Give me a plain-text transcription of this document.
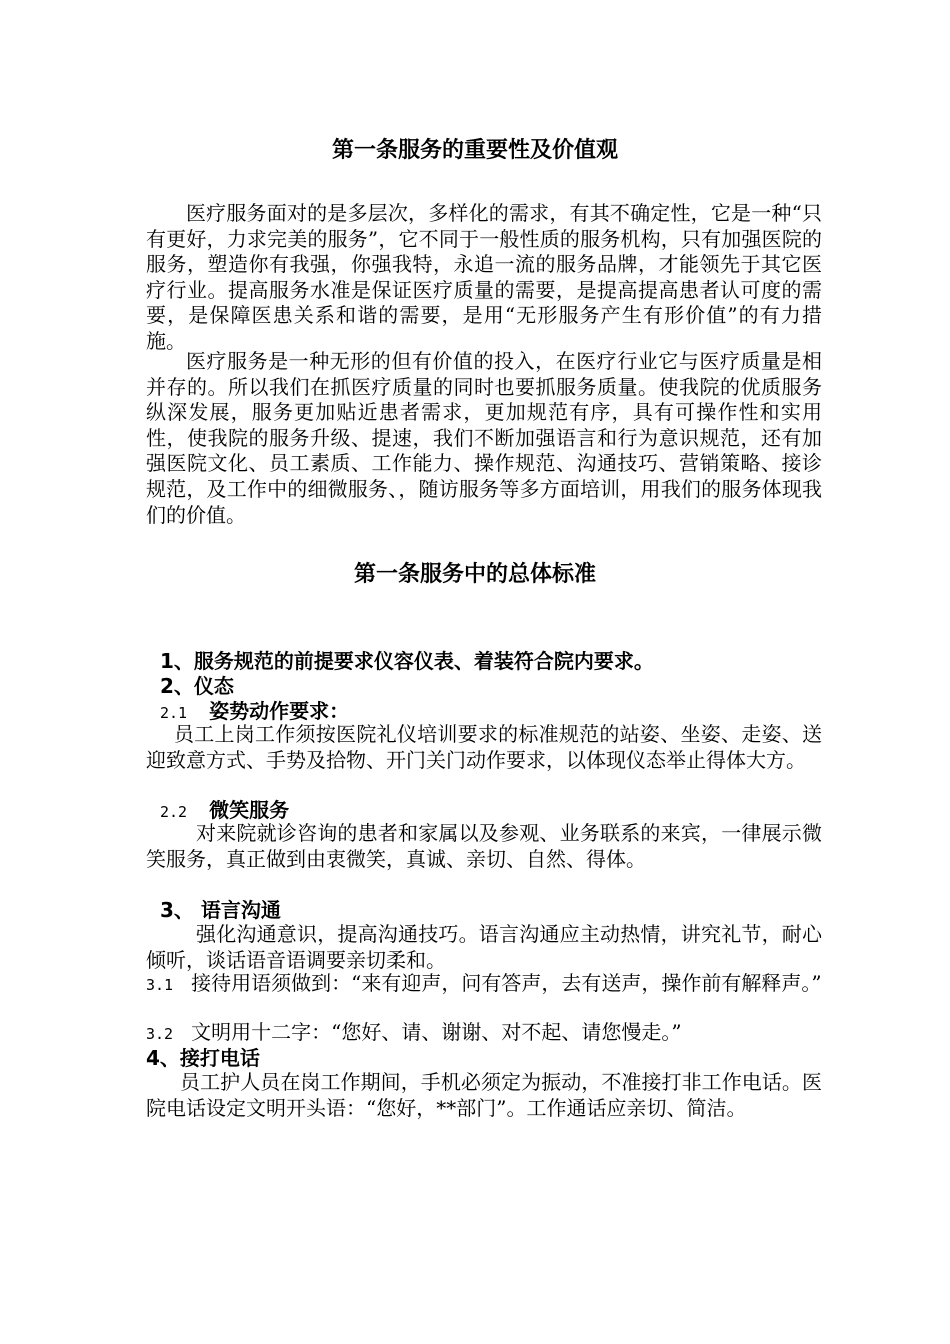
第一条服务的重要性及价值观
医疗服务面对的是多层次，多样化的需求，有其不确定性，它是一种“只有更好，力求完美的服务”，它不同于一般性质的服务机构，只有加强医院的服务，塑造你有我强，你强我特，永追一流的服务品牌，才能领先于其它医疗行业。提高服务水准是保证医疗质量的需要，是提高提高患者认可度的需要，是保障医患关系和谐的需要，是用“无形服务产生有形价值”的有力措施。
医疗服务是一种无形的但有价值的投入，在医疗行业它与医疗质量是相并存的。所以我们在抓医疗质量的同时也要抓服务质量。使我院的优质服务纵深发展，服务更加贴近患者需求，更加规范有序，具有可操作性和实用性，使我院的服务升级、提速，我们不断加强语言和行为意识规范，还有加强医院文化、员工素质、工作能力、操作规范、沟通技巧、营销策略、接诊规范，及工作中的细微服务、，随访服务等多方面培训，用我们的服务体现我们的价值。
第一条服务中的总体标准
1、服务规范的前提要求仪容仪表、着装符合院内要求。
2、仪态
2.1 姿势动作要求：
员工上岗工作须按医院礼仪培训要求的标准规范的站姿、坐姿、走姿、送迎致意方式、手势及拾物、开门关门动作要求，以体现仪态举止得体大方。
2.2 微笑服务
对来院就诊咨询的患者和家属以及参观、业务联系的来宾，一律展示微笑服务，真正做到由衷微笑，真诚、亲切、自然、得体。
3、 语言沟通
强化沟通意识，提高沟通技巧。语言沟通应主动热情，讲究礼节，耐心倾听，谈话语音语调要亲切柔和。
3.1 接待用语须做到：“来有迎声，问有答声，去有送声，操作前有解释声。”
3.2 文明用十二字：“您好、请、谢谢、对不起、请您慢走。”
4、接打电话
员工护人员在岗工作期间，手机必须定为振动，不准接打非工作电话。医院电话设定文明开头语：“您好，**部门”。工作通话应亲切、简洁。
